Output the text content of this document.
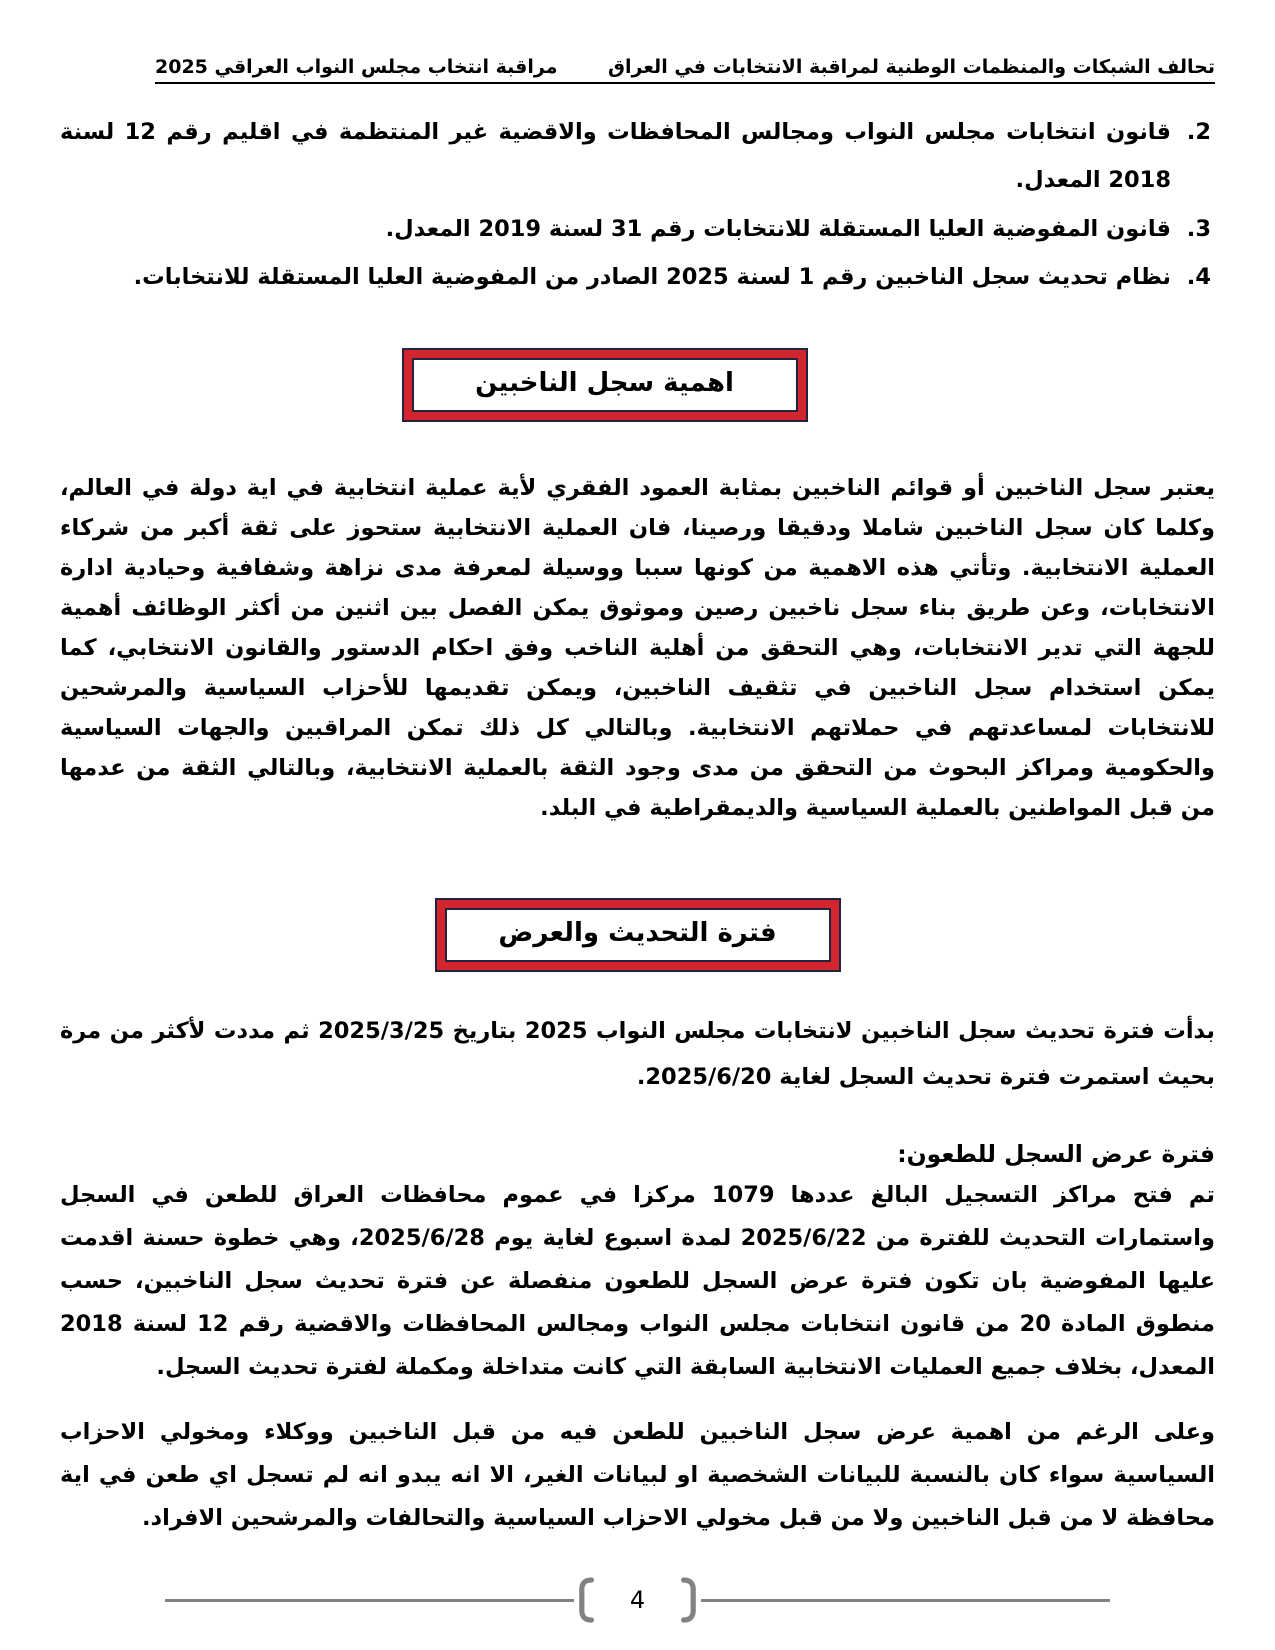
تحالف الشبكات والمنظمات الوطنية لمراقبة الانتخابات في العراق
مراقبة انتخاب مجلس النواب العراقي 2025
2.
قانون انتخابات مجلس النواب ومجالس المحافظات والاقضية غير المنتظمة في اقليم رقم 12 لسنة 2018 المعدل.
3.
قانون المفوضية العليا المستقلة للانتخابات رقم 31 لسنة 2019 المعدل.
4.
نظام تحديث سجل الناخبين رقم 1 لسنة 2025 الصادر من المفوضية العليا المستقلة للانتخابات.
اهمية سجل الناخبين

يعتبر سجل الناخبين أو قوائم الناخبين بمثابة العمود الفقري لأية عملية انتخابية في اية دولة في العالم، وكلما كان سجل الناخبين شاملا ودقيقا ورصينا، فان العملية الانتخابية ستحوز على ثقة أكبر من شركاء العملية الانتخابية. وتأتي هذه الاهمية من كونها سببا ووسيلة لمعرفة مدى نزاهة وشفافية وحيادية ادارة الانتخابات، وعن طريق بناء سجل ناخبين رصين وموثوق يمكن الفصل بين اثنين من أكثر الوظائف أهمية للجهة التي تدير الانتخابات، وهي التحقق من أهلية الناخب وفق احكام الدستور والقانون الانتخابي، كما يمكن استخدام سجل الناخبين في تثقيف الناخبين، ويمكن تقديمها للأحزاب السياسية والمرشحين للانتخابات لمساعدتهم في حملاتهم الانتخابية. وبالتالي كل ذلك تمكن المراقبين والجهات السياسية والحكومية ومراكز البحوث من التحقق من مدى وجود الثقة بالعملية الانتخابية، وبالتالي الثقة من عدمها من قبل المواطنين بالعملية السياسية والديمقراطية في البلد.

فترة التحديث والعرض

بدأت فترة تحديث سجل الناخبين لانتخابات مجلس النواب 2025 بتاريخ 2025/3/25 ثم مددت لأكثر من مرة بحيث استمرت فترة تحديث السجل لغاية 2025/6/20.

فترة عرض السجل للطعون:

تم فتح مراكز التسجيل البالغ عددها 1079 مركزا في عموم محافظات العراق للطعن في السجل واستمارات التحديث للفترة من 2025/6/22 لمدة اسبوع لغاية يوم 2025/6/28، وهي خطوة حسنة اقدمت عليها المفوضية بان تكون فترة عرض السجل للطعون منفصلة عن فترة تحديث سجل الناخبين، حسب منطوق المادة 20 من قانون انتخابات مجلس النواب ومجالس المحافظات والاقضية رقم 12 لسنة 2018 المعدل، بخلاف جميع العمليات الانتخابية السابقة التي كانت متداخلة ومكملة لفترة تحديث السجل.

وعلى الرغم من اهمية عرض سجل الناخبين للطعن فيه من قبل الناخبين ووكلاء ومخولي الاحزاب السياسية سواء كان بالنسبة للبيانات الشخصية او لبيانات الغير، الا انه يبدو انه لم تسجل اي طعن في اية محافظة لا من قبل الناخبين ولا من قبل مخولي الاحزاب السياسية والتحالفات والمرشحين الافراد.

4
